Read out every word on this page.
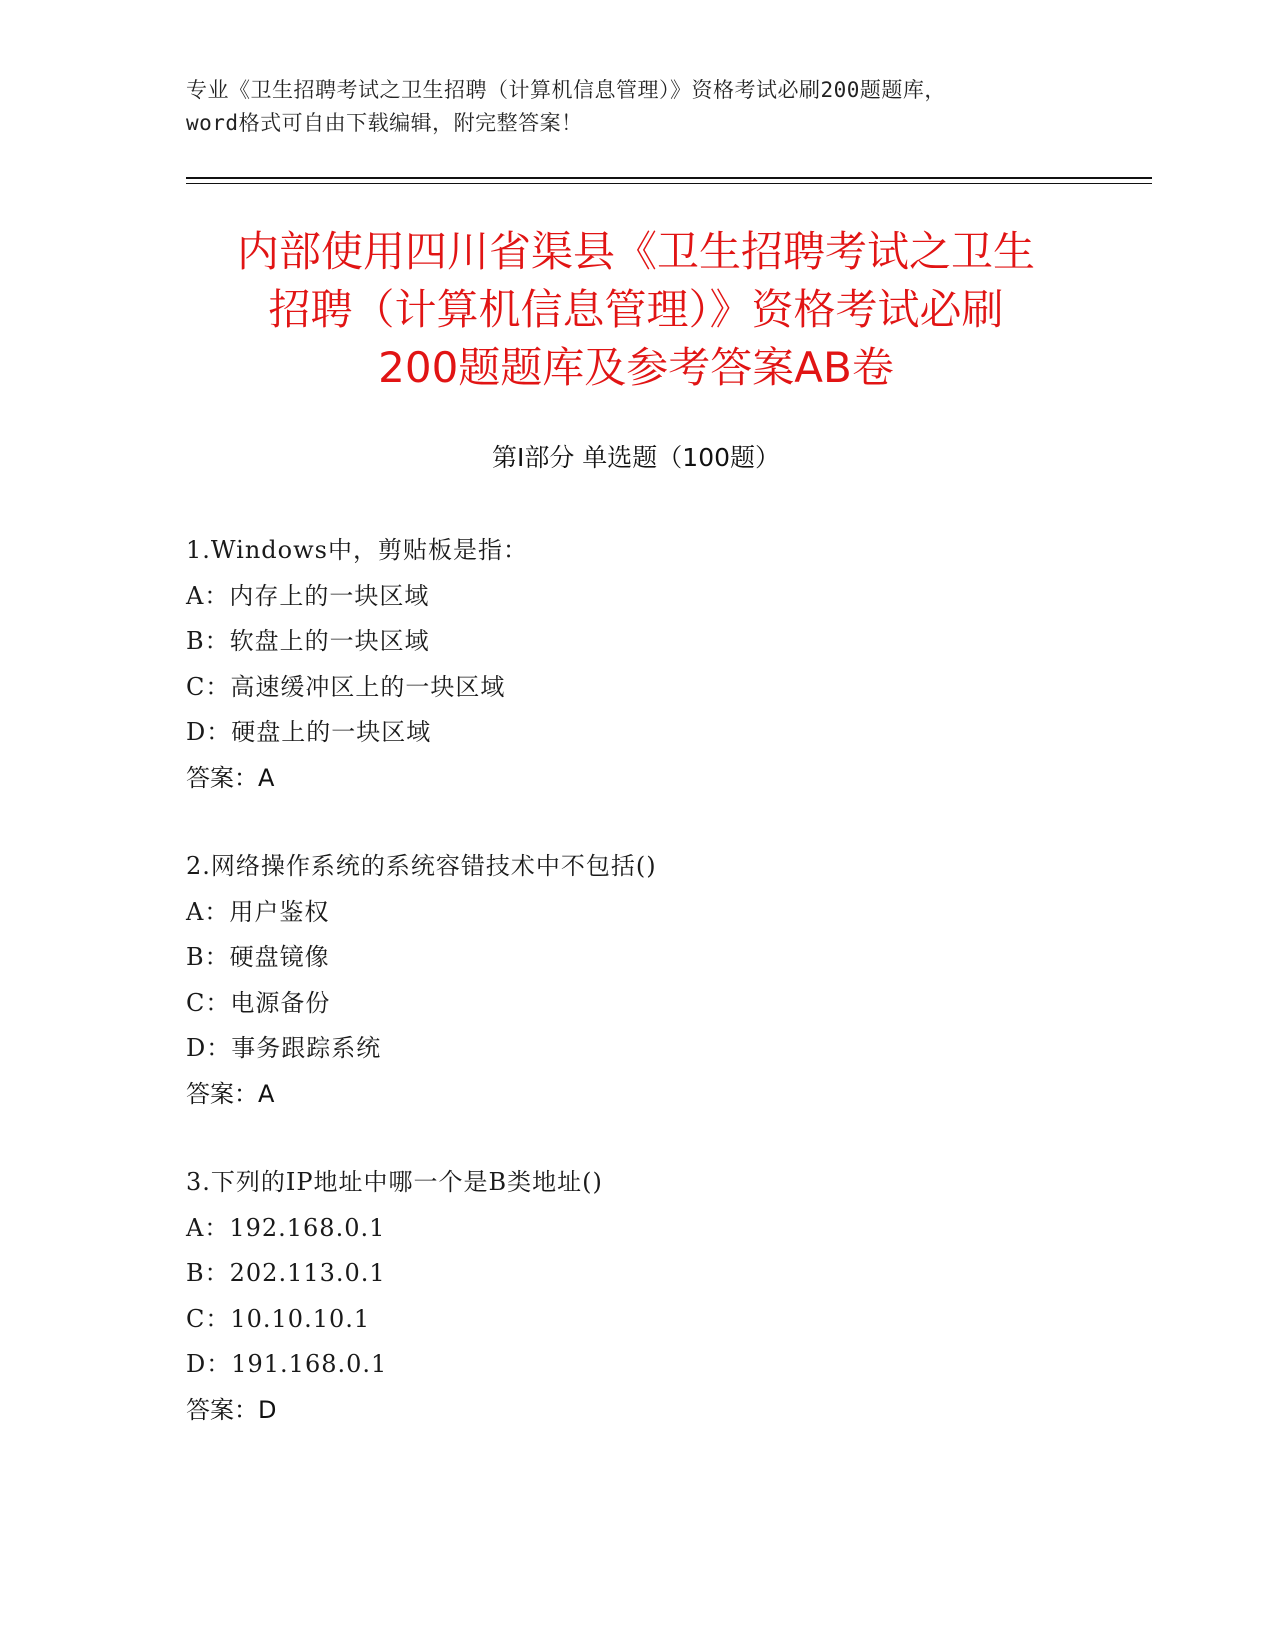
专业《卫生招聘考试之卫生招聘（计算机信息管理）》资格考试必刷200题题库，
word格式可自由下载编辑，附完整答案！
内部使用四川省渠县《卫生招聘考试之卫生
招聘（计算机信息管理）》资格考试必刷
200题题库及参考答案AB卷
第Ⅰ部分 单选题（100题）
1.Windows中，剪贴板是指：
A：内存上的一块区域
B：软盘上的一块区域
C：高速缓冲区上的一块区域
D：硬盘上的一块区域
答案：A
2.网络操作系统的系统容错技术中不包括()
A：用户鉴权
B：硬盘镜像
C：电源备份
D：事务跟踪系统
答案：A
3.下列的IP地址中哪一个是B类地址()
A：192.168.0.1
B：202.113.0.1
C：10.10.10.1
D：191.168.0.1
答案：D
